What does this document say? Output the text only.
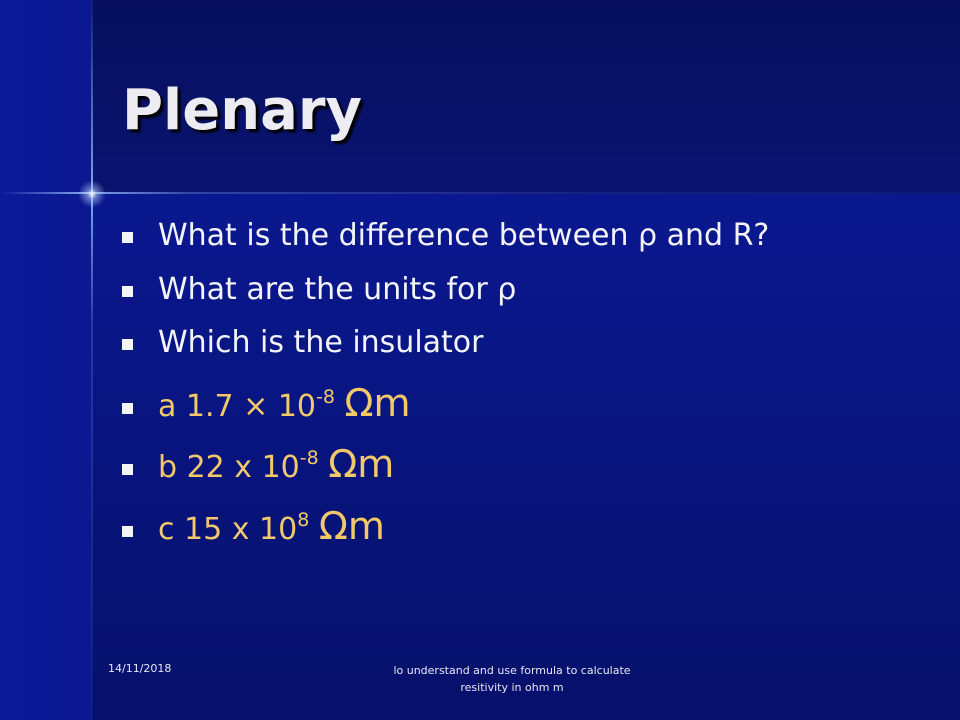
Plenary
What is the difference between ρ and R?
What are the units for ρ
Which is the insulator
a $1.7 \times 10^{-8}$ Ωm
b 22 x $10^{-8}$ Ωm
c 15 x $10^8$ Ωm
14/11/2018	lo understand and use formula to calculate
resitivity in ohm m
